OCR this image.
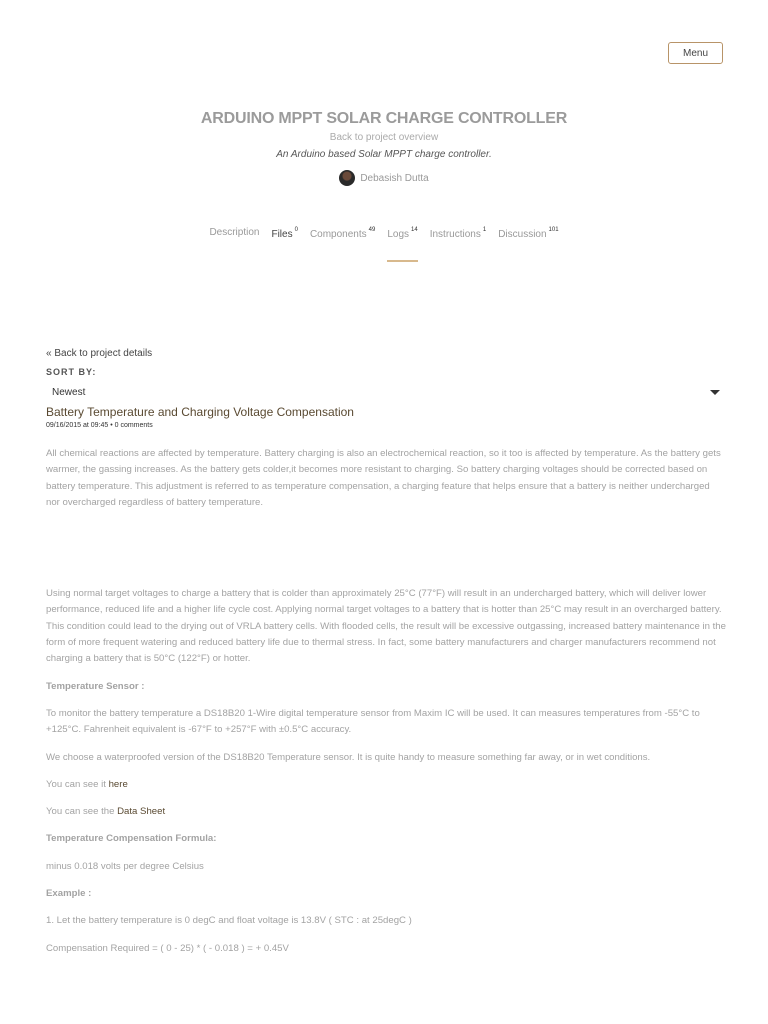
Menu
ARDUINO MPPT SOLAR CHARGE CONTROLLER
Back to project overview
An Arduino based Solar MPPT charge controller.
Debasish Dutta
Description Files $^0$ Components $^{49}$ Logs $^{14}$ Instructions $^1$ Discussion $^{101}$

« Back to project details

SORT BY:
Newest
Battery Temperature and Charging Voltage Compensation
09/16/2015 at 09:45 • 0 comments

All chemical reactions are affected by temperature. Battery charging is also an electrochemical reaction, so it too is affected by temperature. As the battery gets warmer, the gassing increases. As the battery gets colder,it becomes more resistant to charging. So battery charging voltages should be corrected based on battery temperature. This adjustment is referred to as temperature compensation, a charging feature that helps ensure that a battery is neither undercharged nor overcharged regardless of battery temperature.

Using normal target voltages to charge a battery that is colder than approximately 25°C (77°F) will result in an undercharged battery, which will deliver lower performance, reduced life and a higher life cycle cost. Applying normal target voltages to a battery that is hotter than 25°C may result in an overcharged battery. This condition could lead to the drying out of VRLA battery cells. With flooded cells, the result will be excessive outgassing, increased battery maintenance in the form of more frequent watering and reduced battery life due to thermal stress. In fact, some battery manufacturers and charger manufacturers recommend not charging a battery that is 50°C (122°F) or hotter.

Temperature Sensor :

To monitor the battery temperature a DS18B20 1-Wire digital temperature sensor from Maxim IC will be used. It can measures temperatures from -55°C to +125°C. Fahrenheit equivalent is -67°F to +257°F with ±0.5°C accuracy.

We choose a waterproofed version of the DS18B20 Temperature sensor. It is quite handy to measure something far away, or in wet conditions.

You can see it here

You can see the Data Sheet

Temperature Compensation Formula:

minus 0.018 volts per degree Celsius

Example :

1. Let the battery temperature is 0 degC and float voltage is 13.8V ( STC : at 25degC )

Compensation Required = ( 0 - 25) * ( - 0.018 ) = + 0.45V
